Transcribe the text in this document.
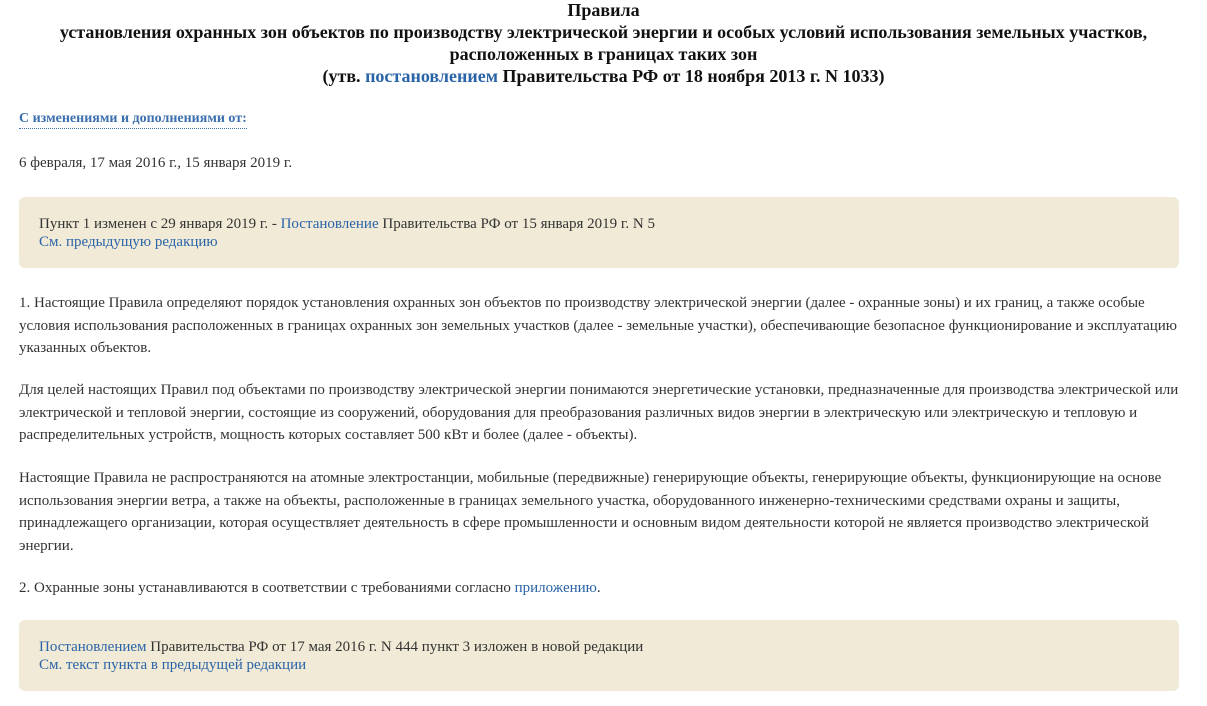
Правила
установления охранных зон объектов по производству электрической энергии и особых условий использования земельных участков, расположенных в границах таких зон
(утв. постановлением Правительства РФ от 18 ноября 2013 г. N 1033)
С изменениями и дополнениями от:
6 февраля, 17 мая 2016 г., 15 января 2019 г.
Пункт 1 изменен с 29 января 2019 г. - Постановление Правительства РФ от 15 января 2019 г. N 5
См. предыдущую редакцию

1. Настоящие Правила определяют порядок установления охранных зон объектов по производству электрической энергии (далее - охранные зоны) и их границ, а также особые условия использования расположенных в границах охранных зон земельных участков (далее - земельные участки), обеспечивающие безопасное функционирование и эксплуатацию указанных объектов.

Для целей настоящих Правил под объектами по производству электрической энергии понимаются энергетические установки, предназначенные для производства электрической или электрической и тепловой энергии, состоящие из сооружений, оборудования для преобразования различных видов энергии в электрическую или электрическую и тепловую и распределительных устройств, мощность которых составляет 500 кВт и более (далее - объекты).

Настоящие Правила не распространяются на атомные электростанции, мобильные (передвижные) генерирующие объекты, генерирующие объекты, функционирующие на основе использования энергии ветра, а также на объекты, расположенные в границах земельного участка, оборудованного инженерно-техническими средствами охраны и защиты, принадлежащего организации, которая осуществляет деятельность в сфере промышленности и основным видом деятельности которой не является производство электрической энергии.

2. Охранные зоны устанавливаются в соответствии с требованиями согласно приложению.

Постановлением Правительства РФ от 17 мая 2016 г. N 444 пункт 3 изложен в новой редакции
См. текст пункта в предыдущей редакции
